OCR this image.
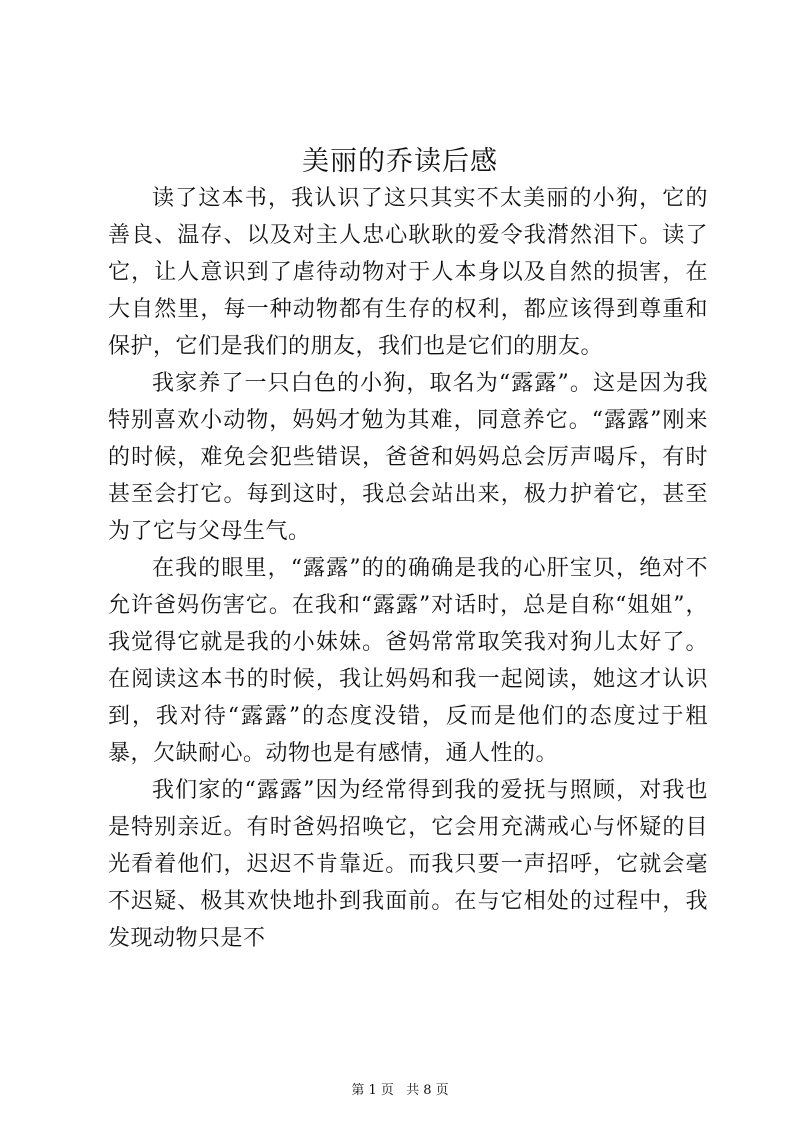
美丽的乔读后感

读了这本书，我认识了这只其实不太美丽的小狗，它的善良、温存、以及对主人忠心耿耿的爱令我潸然泪下。读了它，让人意识到了虐待动物对于人本身以及自然的损害，在大自然里，每一种动物都有生存的权利，都应该得到尊重和保护，它们是我们的朋友，我们也是它们的朋友。

我家养了一只白色的小狗，取名为“露露”。这是因为我特别喜欢小动物，妈妈才勉为其难，同意养它。“露露”刚来的时候，难免会犯些错误，爸爸和妈妈总会厉声喝斥，有时甚至会打它。每到这时，我总会站出来，极力护着它，甚至为了它与父母生气。

在我的眼里，“露露”的的确确是我的心肝宝贝，绝对不允许爸妈伤害它。在我和“露露”对话时，总是自称“姐姐”，我觉得它就是我的小妹妹。爸妈常常取笑我对狗儿太好了。在阅读这本书的时候，我让妈妈和我一起阅读，她这才认识到，我对待“露露”的态度没错，反而是他们的态度过于粗暴，欠缺耐心。动物也是有感情，通人性的。

我们家的“露露”因为经常得到我的爱抚与照顾，对我也是特别亲近。有时爸妈招唤它，它会用充满戒心与怀疑的目光看着他们，迟迟不肯靠近。而我只要一声招呼，它就会毫不迟疑、极其欢快地扑到我面前。在与它相处的过程中，我发现动物只是不

第 1 页 共 8 页
